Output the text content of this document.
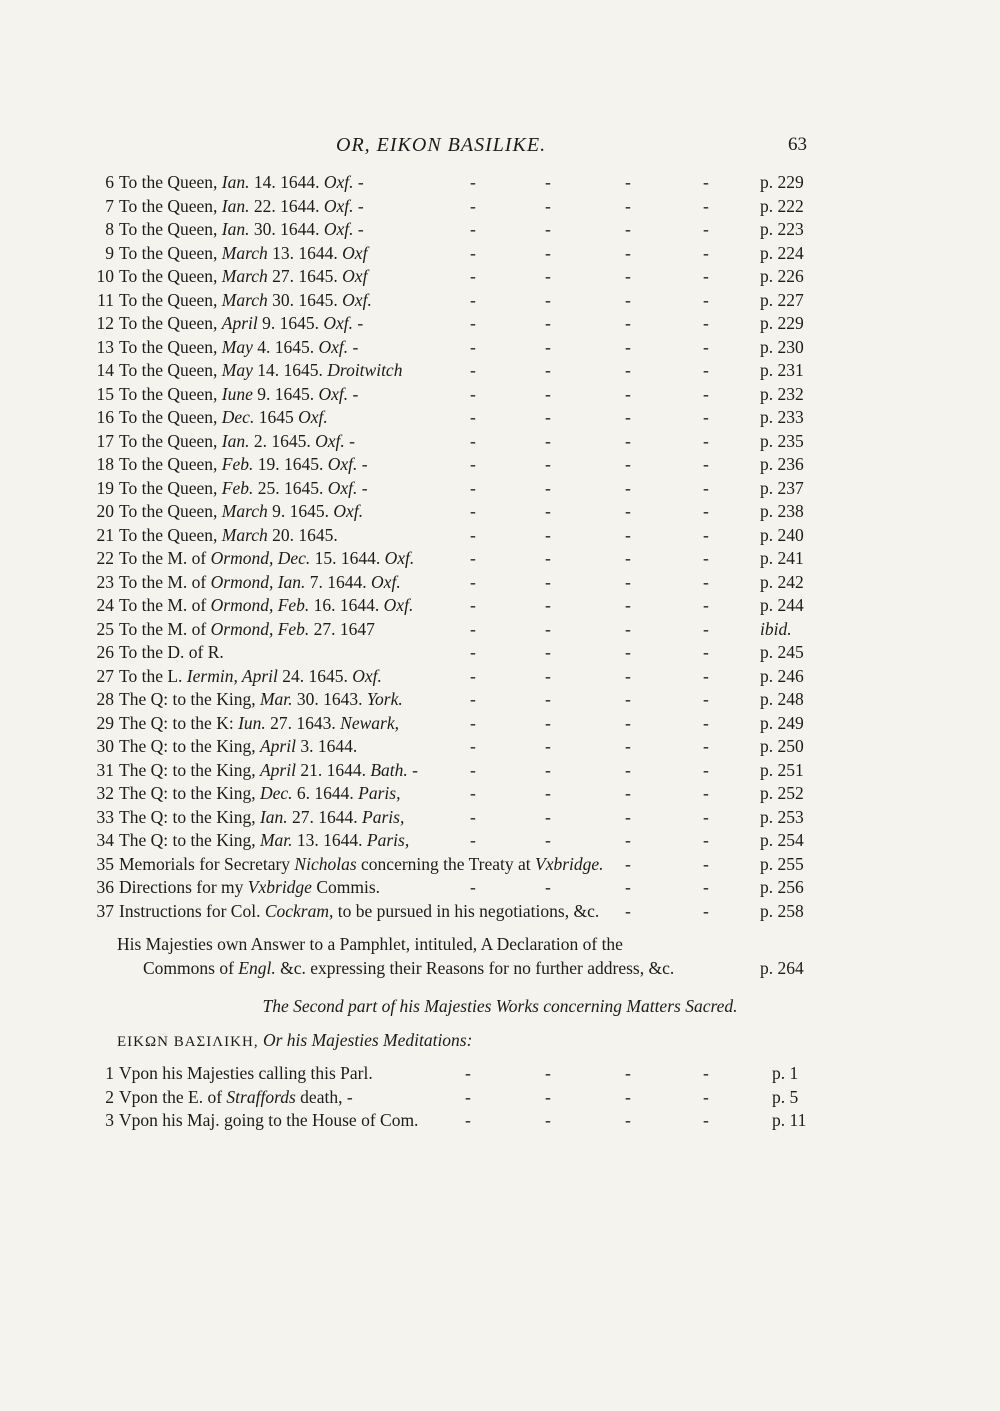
OR, EIKON BASILIKE.	63
6 To the Queen, Ian. 14. 1644. Oxf. -	-	-	-	-	p. 229
7 To the Queen, Ian. 22. 1644. Oxf. -	-	-	-	-	p. 222
8 To the Queen, Ian. 30. 1644. Oxf. -	-	-	-	-	p. 223
9 To the Queen, March 13. 1644. Oxf	-	-	-	-	p. 224
10 To the Queen, March 27. 1645. Oxf	-	-	-	-	p. 226
11 To the Queen, March 30. 1645. Oxf.	-	-	-	-	p. 227
12 To the Queen, April 9. 1645. Oxf. -	-	-	-	-	p. 229
13 To the Queen, May 4. 1645. Oxf. -	-	-	-	-	p. 230
14 To the Queen, May 14. 1645. Droitwitch	-	-	-	-	p. 231
15 To the Queen, Iune 9. 1645. Oxf. -	-	-	-	-	p. 232
16 To the Queen, Dec. 1645 Oxf.	-	-	-	-	p. 233
17 To the Queen, Ian. 2. 1645. Oxf. -	-	-	-	-	p. 235
18 To the Queen, Feb. 19. 1645. Oxf. -	-	-	-	-	p. 236
19 To the Queen, Feb. 25. 1645. Oxf. -	-	-	-	-	p. 237
20 To the Queen, March 9. 1645. Oxf.	-	-	-	-	p. 238
21 To the Queen, March 20. 1645.	-	-	-	-	p. 240
22 To the M. of Ormond, Dec. 15. 1644. Oxf.	-	-	-	-	p. 241
23 To the M. of Ormond, Ian. 7. 1644. Oxf.	-	-	-	-	p. 242
24 To the M. of Ormond, Feb. 16. 1644. Oxf.	-	-	-	-	p. 244
25 To the M. of Ormond, Feb. 27. 1647	-	-	-	-	ibid.
26 To the D. of R.	-	-	-	-	p. 245
27 To the L. Iermin, April 24. 1645. Oxf.	-	-	-	-	p. 246
28 The Q: to the King, Mar. 30. 1643. York.	-	-	-	-	p. 248
29 The Q: to the K: Iun. 27. 1643. Newark,	-	-	-	-	p. 249
30 The Q: to the King, April 3. 1644.	-	-	-	-	p. 250
31 The Q: to the King, April 21. 1644. Bath. -	-	-	-	-	p. 251
32 The Q: to the King, Dec. 6. 1644. Paris,	-	-	-	-	p. 252
33 The Q: to the King, Ian. 27. 1644. Paris,	-	-	-	-	p. 253
34 The Q: to the King, Mar. 13. 1644. Paris,	-	-	-	-	p. 254
35 Memorials for Secretary Nicholas concerning the Treaty at Vxbridge. -	-	p. 255
36 Directions for my Vxbridge Commis.	-	-	-	-	p. 256
37 Instructions for Col. Cockram, to be pursued in his negotiations, &c. -	-	p. 258
His Majesties own Answer to a Pamphlet, intituled, A Declaration of the
Commons of Engl. &c. expressing their Reasons for no further address, &c.	p. 264
The Second part of his Majesties Works concerning Matters Sacred.
ΕΙΚΩΝ ΒΑΣΙΛΙΚΗ, Or his Majesties Meditations:
1 Vpon his Majesties calling this Parl.	-	-	-	-	p. 1
2 Vpon the E. of Straffords death, -	-	-	-	-	p. 5
3 Vpon his Maj. going to the House of Com.	-	-	-	-	p. 11
